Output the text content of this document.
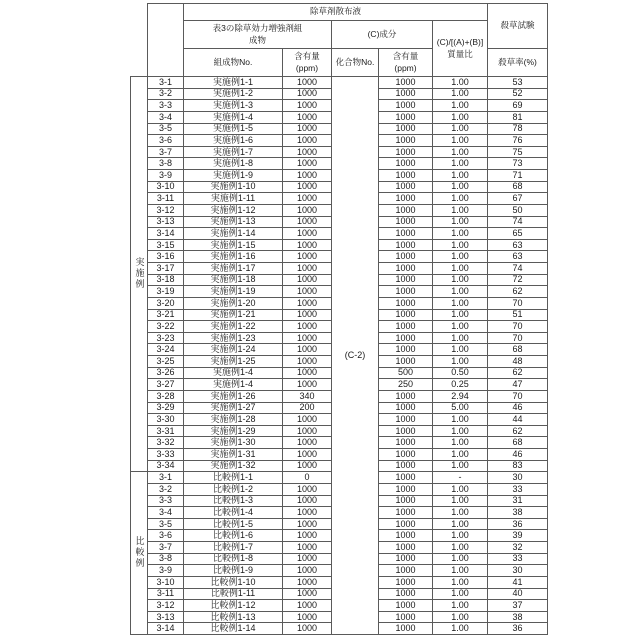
		除草剤散布液					殺草試験

		表3の除草効力増強剤組成物		(C)成分		(C)/[(A)+(B)]
質量比	

		組成物No.	含有量
(ppm)	化合物No.	含有量
(ppm)		殺草率(%)
実施例	3-1	実施例1-1	1000	(C-2)	1000	1.00	53
	3-2	実施例1-2	1000		1000	1.00	52
	3-3	実施例1-3	1000		1000	1.00	69
	3-4	実施例1-4	1000		1000	1.00	81
	3-5	実施例1-5	1000		1000	1.00	78
	3-6	実施例1-6	1000		1000	1.00	76
	3-7	実施例1-7	1000		1000	1.00	75
	3-8	実施例1-8	1000		1000	1.00	73
	3-9	実施例1-9	1000		1000	1.00	71
	3-10	実施例1-10	1000		1000	1.00	68
	3-11	実施例1-11	1000		1000	1.00	67
	3-12	実施例1-12	1000		1000	1.00	50
	3-13	実施例1-13	1000		1000	1.00	74
	3-14	実施例1-14	1000		1000	1.00	65
	3-15	実施例1-15	1000		1000	1.00	63
	3-16	実施例1-16	1000		1000	1.00	63
	3-17	実施例1-17	1000		1000	1.00	74
	3-18	実施例1-18	1000		1000	1.00	72
	3-19	実施例1-19	1000		1000	1.00	62
	3-20	実施例1-20	1000		1000	1.00	70
	3-21	実施例1-21	1000		1000	1.00	51
	3-22	実施例1-22	1000		1000	1.00	70
	3-23	実施例1-23	1000		1000	1.00	70
	3-24	実施例1-24	1000		1000	1.00	68
	3-25	実施例1-25	1000		1000	1.00	48
	3-26	実施例1-4	1000		500	0.50	62
	3-27	実施例1-4	1000		250	0.25	47
	3-28	実施例1-26	340		1000	2.94	70
	3-29	実施例1-27	200		1000	5.00	46
	3-30	実施例1-28	1000		1000	1.00	44
	3-31	実施例1-29	1000		1000	1.00	62
	3-32	実施例1-30	1000		1000	1.00	68
	3-33	実施例1-31	1000		1000	1.00	46
	3-34	実施例1-32	1000		1000	1.00	83
比較例	3-1	比較例1-1	0		1000	-	30
	3-2	比較例1-2	1000		1000	1.00	33
	3-3	比較例1-3	1000		1000	1.00	31
	3-4	比較例1-4	1000		1000	1.00	38
	3-5	比較例1-5	1000		1000	1.00	36
	3-6	比較例1-6	1000		1000	1.00	39
	3-7	比較例1-7	1000		1000	1.00	32
	3-8	比較例1-8	1000		1000	1.00	33
	3-9	比較例1-9	1000		1000	1.00	30
	3-10	比較例1-10	1000		1000	1.00	41
	3-11	比較例1-11	1000		1000	1.00	40
	3-12	比較例1-12	1000		1000	1.00	37
	3-13	比較例1-13	1000		1000	1.00	38
	3-14	比較例1-14	1000		1000	1.00	36
